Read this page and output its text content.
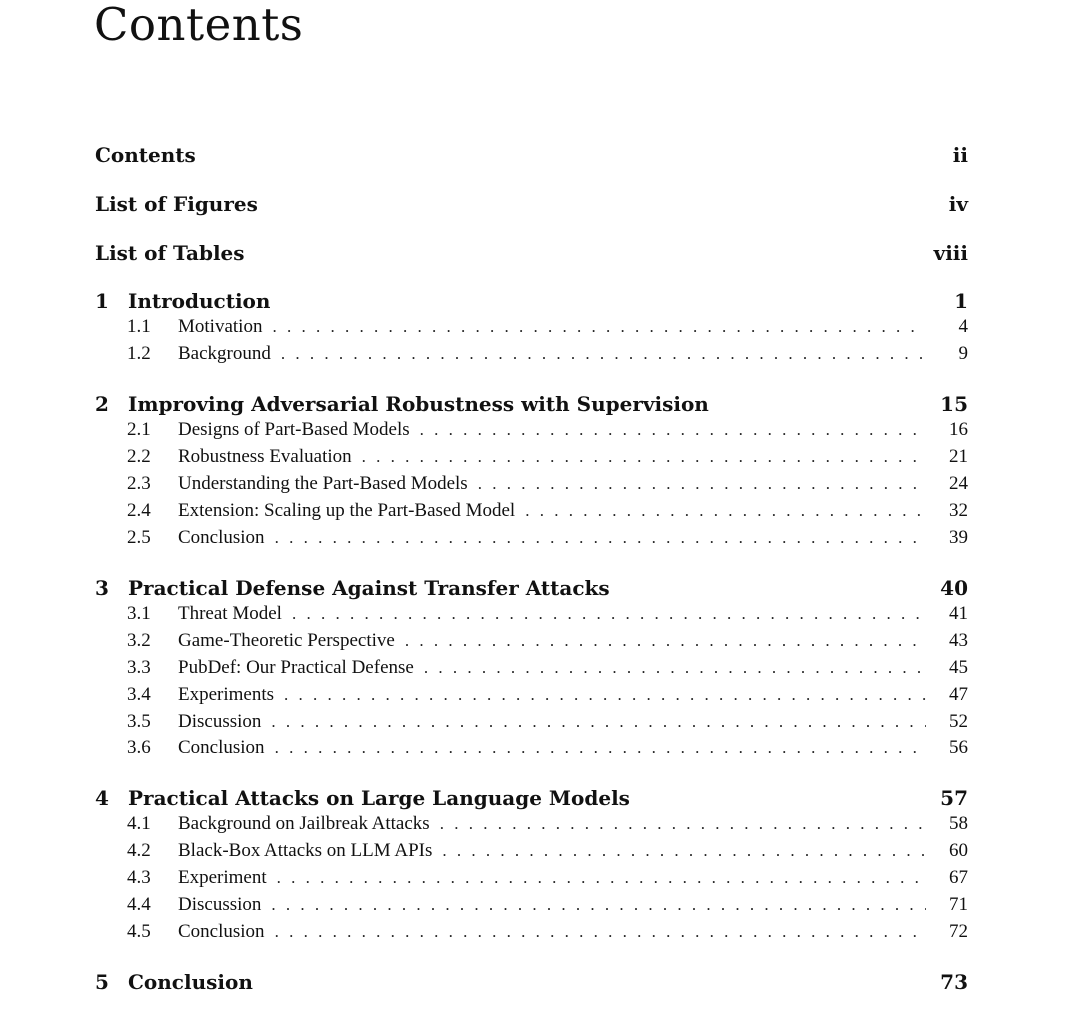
Contents
Contents	ii
List of Figures	iv
List of Tables	viii
1 Introduction	1
1.1	Motivation . . .	4
1.2	Background . . .	9
2 Improving Adversarial Robustness with Supervision	15
2.1	Designs of Part-Based Models . . .	16
2.2	Robustness Evaluation . . .	21
2.3	Understanding the Part-Based Models . . .	24
2.4	Extension: Scaling up the Part-Based Model . . .	32
2.5	Conclusion . . .	39
3 Practical Defense Against Transfer Attacks	40
3.1	Threat Model . . .	41
3.2	Game-Theoretic Perspective . . .	43
3.3	PubDef: Our Practical Defense . . .	45
3.4	Experiments . . .	47
3.5	Discussion . . .	52
3.6	Conclusion . . .	56
4 Practical Attacks on Large Language Models	57
4.1	Background on Jailbreak Attacks . . .	58
4.2	Black-Box Attacks on LLM APIs . . .	60
4.3	Experiment . . .	67
4.4	Discussion . . .	71
4.5	Conclusion . . .	72
5 Conclusion	73
